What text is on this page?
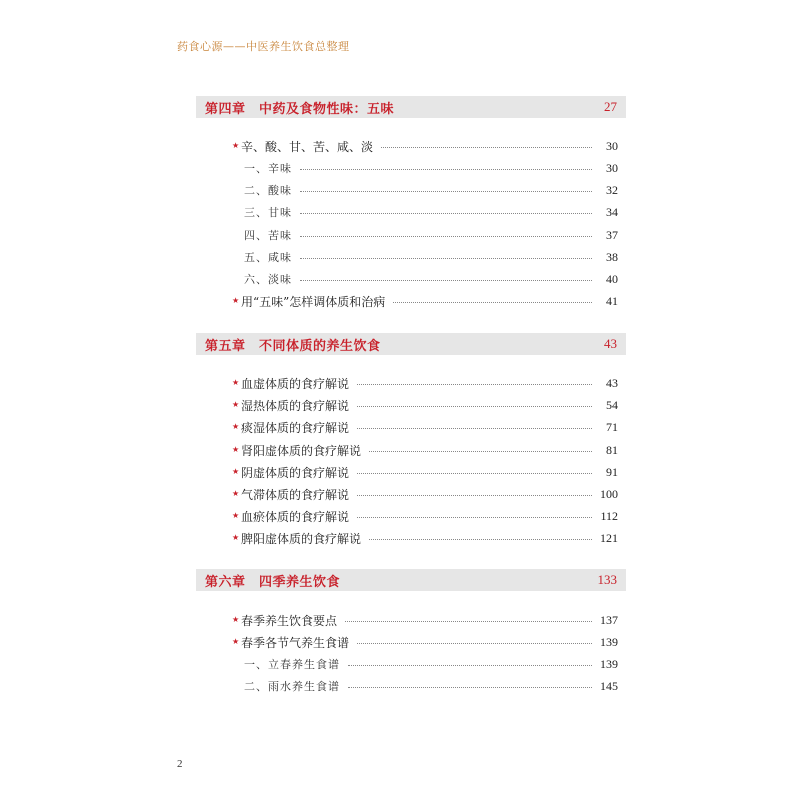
药食心源——中医养生饮食总整理
第四章　中药及食物性味：五味	27
★ 辛、酸、甘、苦、咸、淡	30
一、辛味	30
二、酸味	32
三、甘味	34
四、苦味	37
五、咸味	38
六、淡味	40
★ 用“五味”怎样调体质和治病	41
第五章　不同体质的养生饮食	43
★ 血虚体质的食疗解说	43
★ 湿热体质的食疗解说	54
★ 痰湿体质的食疗解说	71
★ 肾阳虚体质的食疗解说	81
★ 阴虚体质的食疗解说	91
★ 气滞体质的食疗解说	100
★ 血瘀体质的食疗解说	112
★ 脾阳虚体质的食疗解说	121
第六章　四季养生饮食	133
★ 春季养生饮食要点	137
★ 春季各节气养生食谱	139
一、立春养生食谱	139
二、雨水养生食谱	145
2
